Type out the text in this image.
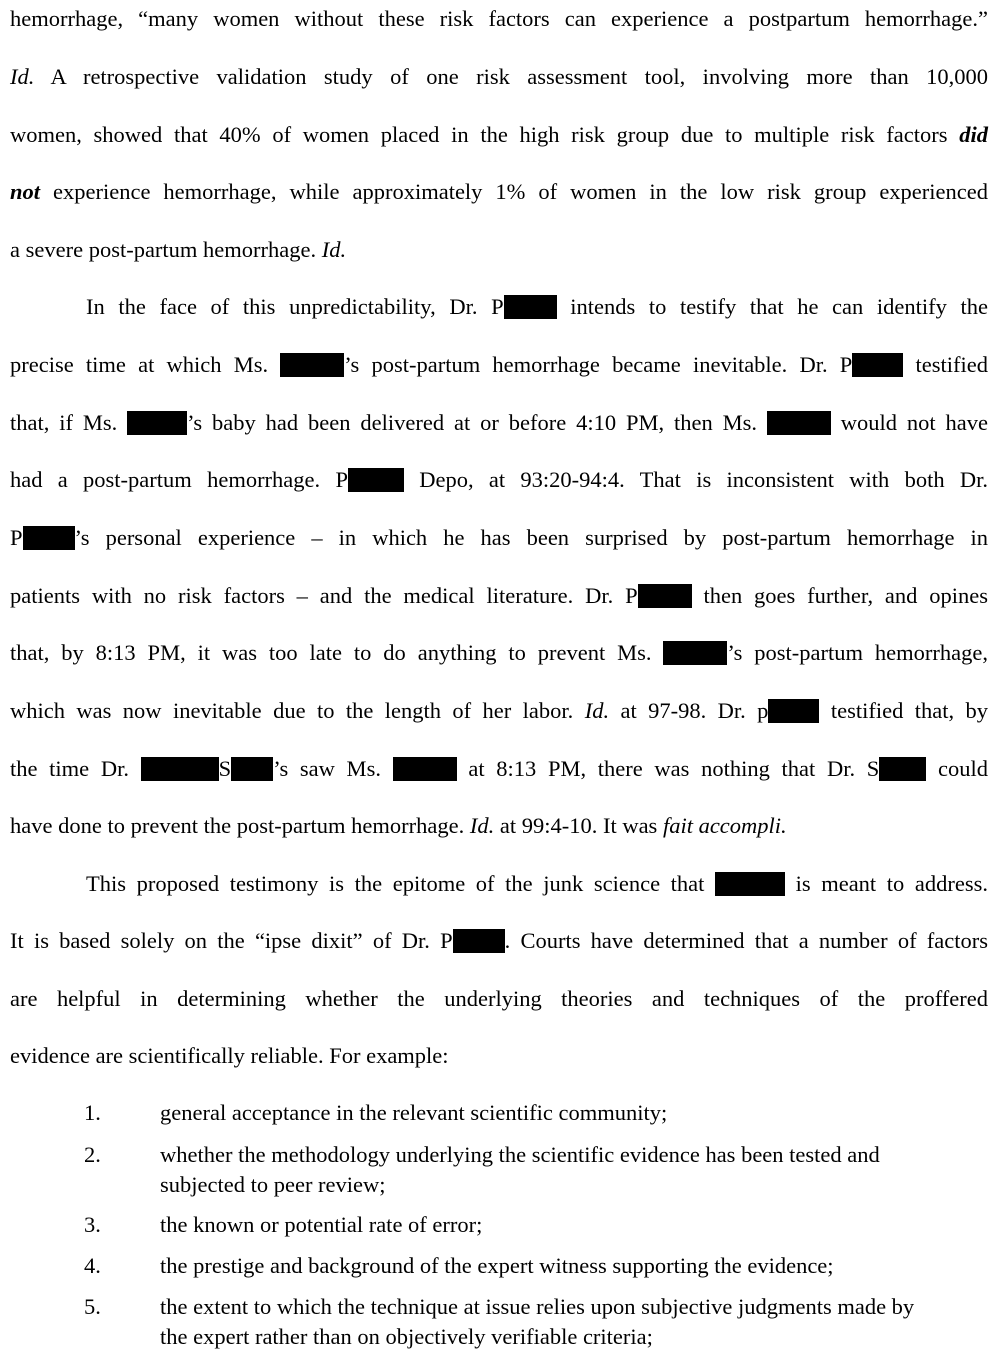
hemorrhage, “many women without these risk factors can experience a postpartum hemorrhage.”
Id. A retrospective validation study of one risk assessment tool, involving more than 10,000
women, showed that 40% of women placed in the high risk group due to multiple risk factors did
not experience hemorrhage, while approximately 1% of women in the low risk group experienced
a severe post-partum hemorrhage. Id.
In the face of this unpredictability, Dr. P intends to testify that he can identify the
precise time at which Ms.	’s post-partum hemorrhage became inevitable. Dr. P testified
that, if Ms.	’s baby had been delivered at or before 4:10 PM, then Ms.	would not have
had a post-partum hemorrhage. P Depo, at 93:20-94:4. That is inconsistent with both Dr.
P ’s personal experience – in which he has been surprised by post-partum hemorrhage in
patients with no risk factors – and the medical literature. Dr. P then goes further, and opines
that, by 8:13 PM, it was too late to do anything to prevent Ms.	’s post-partum hemorrhage,
which was now inevitable due to the length of her labor. Id. at 97-98. Dr. p testified that, by
the time Dr.	S ’s saw Ms.	at 8:13 PM, there was nothing that Dr. S could
have done to prevent the post-partum hemorrhage. Id. at 99:4-10. It was fait accompli.
This proposed testimony is the epitome of the junk science that	is meant to address.
It is based solely on the “ipse dixit” of Dr. P . Courts have determined that a number of factors
are helpful in determining whether the underlying theories and techniques of the proffered
evidence are scientifically reliable. For example:
1.	general acceptance in the relevant scientific community;
2.	whether the methodology underlying the scientific evidence has been tested and subjected to peer review;
3.	the known or potential rate of error;
4.	the prestige and background of the expert witness supporting the evidence;
5.	the extent to which the technique at issue relies upon subjective judgments made by the expert rather than on objectively verifiable criteria;
